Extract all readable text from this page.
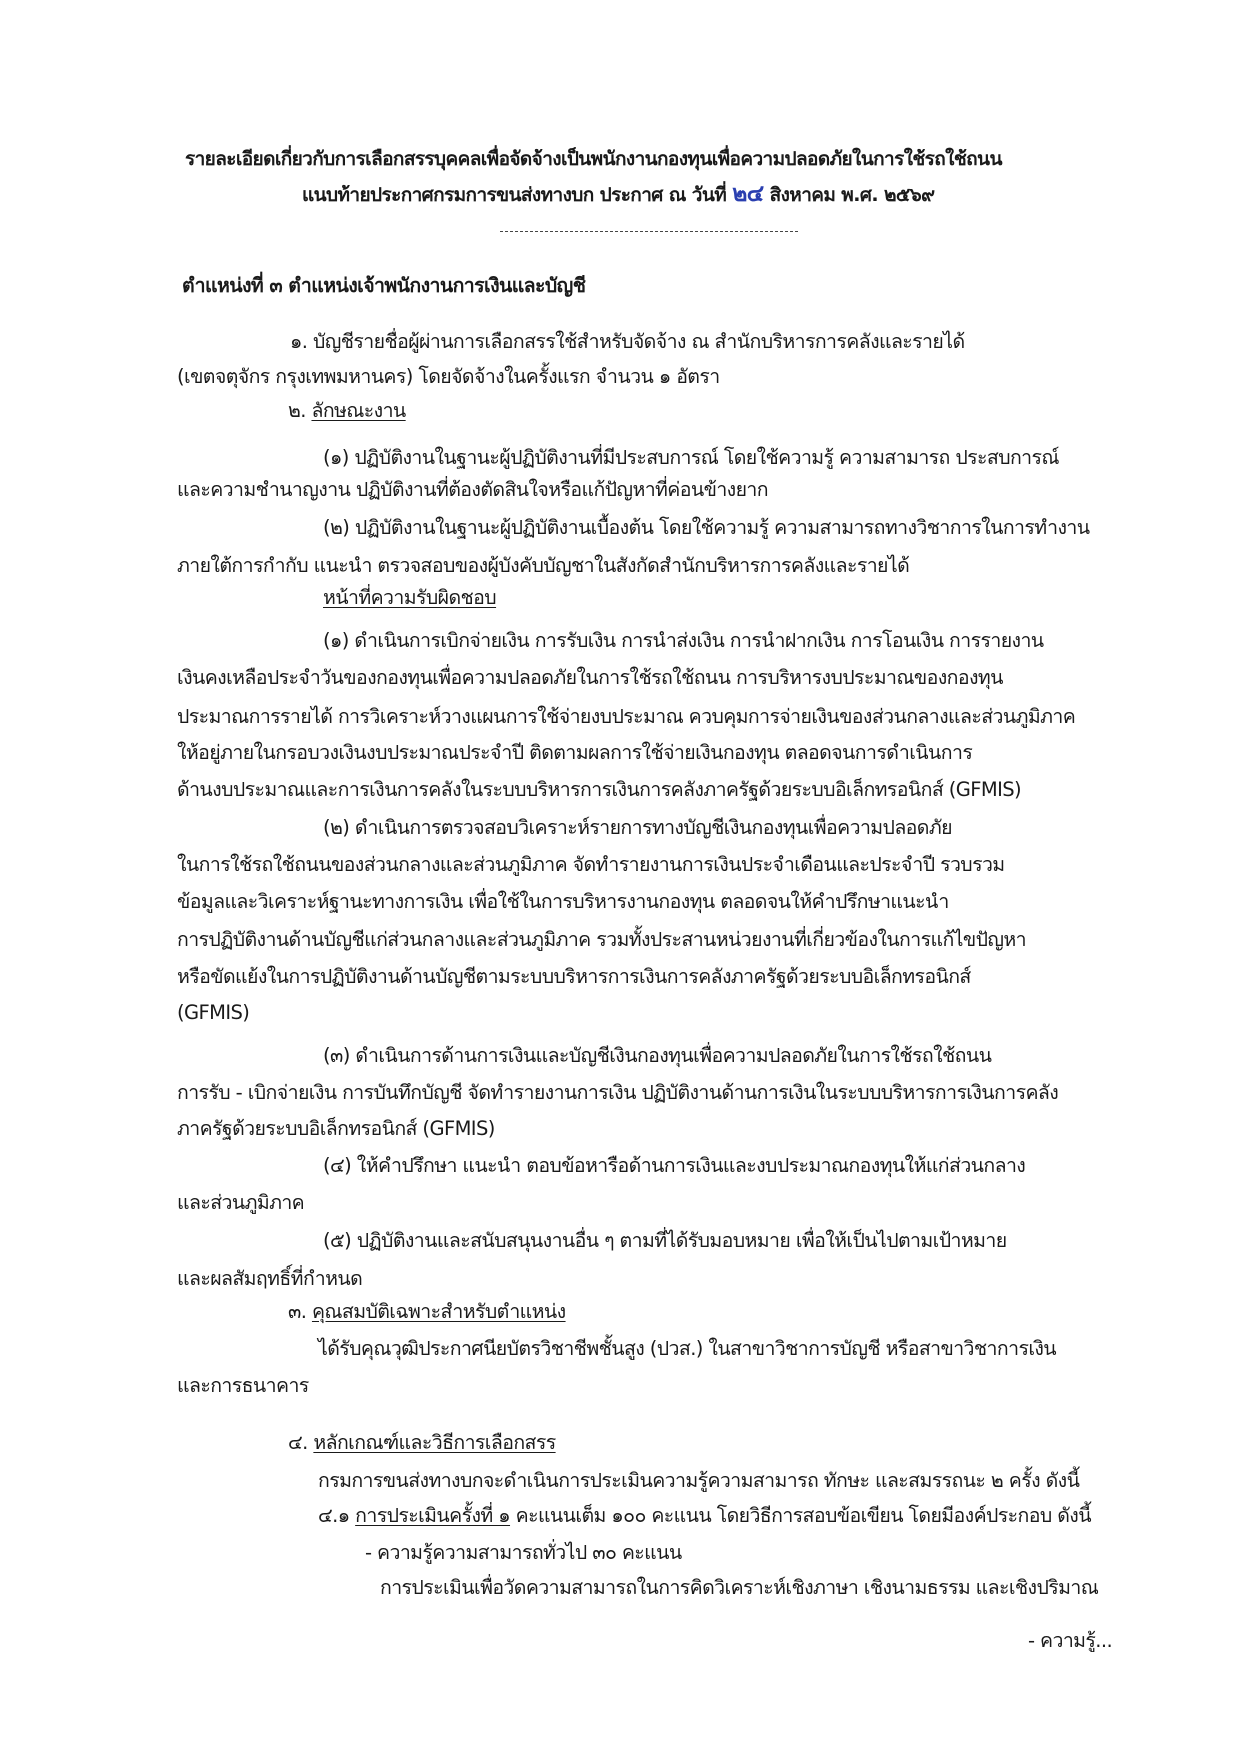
รายละเอียดเกี่ยวกับการเลือกสรรบุคคลเพื่อจัดจ้างเป็นพนักงานกองทุนเพื่อความปลอดภัยในการใช้รถใช้ถนน
แนบท้ายประกาศกรมการขนส่งทางบก ประกาศ ณ วันที่ ๒๔ สิงหาคม พ.ศ. ๒๕๖๙
ตำแหน่งที่ ๓ ตำแหน่งเจ้าพนักงานการเงินและบัญชี
๑. บัญชีรายชื่อผู้ผ่านการเลือกสรรใช้สำหรับจัดจ้าง ณ สำนักบริหารการคลังและรายได้
(เขตจตุจักร กรุงเทพมหานคร) โดยจัดจ้างในครั้งแรก จำนวน ๑ อัตรา
๒. ลักษณะงาน
(๑) ปฏิบัติงานในฐานะผู้ปฏิบัติงานที่มีประสบการณ์ โดยใช้ความรู้ ความสามารถ ประสบการณ์
และความชำนาญงาน ปฏิบัติงานที่ต้องตัดสินใจหรือแก้ปัญหาที่ค่อนข้างยาก
(๒) ปฏิบัติงานในฐานะผู้ปฏิบัติงานเบื้องต้น โดยใช้ความรู้ ความสามารถทางวิชาการในการทำงาน
ภายใต้การกำกับ แนะนำ ตรวจสอบของผู้บังคับบัญชาในสังกัดสำนักบริหารการคลังและรายได้
หน้าที่ความรับผิดชอบ
(๑) ดำเนินการเบิกจ่ายเงิน การรับเงิน การนำส่งเงิน การนำฝากเงิน การโอนเงิน การรายงาน
เงินคงเหลือประจำวันของกองทุนเพื่อความปลอดภัยในการใช้รถใช้ถนน การบริหารงบประมาณของกองทุน
ประมาณการรายได้ การวิเคราะห์วางแผนการใช้จ่ายงบประมาณ ควบคุมการจ่ายเงินของส่วนกลางและส่วนภูมิภาค
ให้อยู่ภายในกรอบวงเงินงบประมาณประจำปี ติดตามผลการใช้จ่ายเงินกองทุน ตลอดจนการดำเนินการ
ด้านงบประมาณและการเงินการคลังในระบบบริหารการเงินการคลังภาครัฐด้วยระบบอิเล็กทรอนิกส์ (GFMIS)
(๒) ดำเนินการตรวจสอบวิเคราะห์รายการทางบัญชีเงินกองทุนเพื่อความปลอดภัย
ในการใช้รถใช้ถนนของส่วนกลางและส่วนภูมิภาค จัดทำรายงานการเงินประจำเดือนและประจำปี รวบรวม
ข้อมูลและวิเคราะห์ฐานะทางการเงิน เพื่อใช้ในการบริหารงานกองทุน ตลอดจนให้คำปรึกษาแนะนำ
การปฏิบัติงานด้านบัญชีแก่ส่วนกลางและส่วนภูมิภาค รวมทั้งประสานหน่วยงานที่เกี่ยวข้องในการแก้ไขปัญหา
หรือขัดแย้งในการปฏิบัติงานด้านบัญชีตามระบบบริหารการเงินการคลังภาครัฐด้วยระบบอิเล็กทรอนิกส์
(GFMIS)
(๓) ดำเนินการด้านการเงินและบัญชีเงินกองทุนเพื่อความปลอดภัยในการใช้รถใช้ถนน
การรับ - เบิกจ่ายเงิน การบันทึกบัญชี จัดทำรายงานการเงิน ปฏิบัติงานด้านการเงินในระบบบริหารการเงินการคลัง
ภาครัฐด้วยระบบอิเล็กทรอนิกส์ (GFMIS)
(๔) ให้คำปรึกษา แนะนำ ตอบข้อหารือด้านการเงินและงบประมาณกองทุนให้แก่ส่วนกลาง
และส่วนภูมิภาค
(๕) ปฏิบัติงานและสนับสนุนงานอื่น ๆ ตามที่ได้รับมอบหมาย เพื่อให้เป็นไปตามเป้าหมาย
และผลสัมฤทธิ์ที่กำหนด
๓. คุณสมบัติเฉพาะสำหรับตำแหน่ง
ได้รับคุณวุฒิประกาศนียบัตรวิชาชีพชั้นสูง (ปวส.) ในสาขาวิชาการบัญชี หรือสาขาวิชาการเงิน
และการธนาคาร
๔. หลักเกณฑ์และวิธีการเลือกสรร
กรมการขนส่งทางบกจะดำเนินการประเมินความรู้ความสามารถ ทักษะ และสมรรถนะ ๒ ครั้ง ดังนี้
๔.๑ การประเมินครั้งที่ ๑ คะแนนเต็ม ๑๐๐ คะแนน โดยวิธีการสอบข้อเขียน โดยมีองค์ประกอบ ดังนี้
- ความรู้ความสามารถทั่วไป ๓๐ คะแนน
การประเมินเพื่อวัดความสามารถในการคิดวิเคราะห์เชิงภาษา เชิงนามธรรม และเชิงปริมาณ
- ความรู้...
